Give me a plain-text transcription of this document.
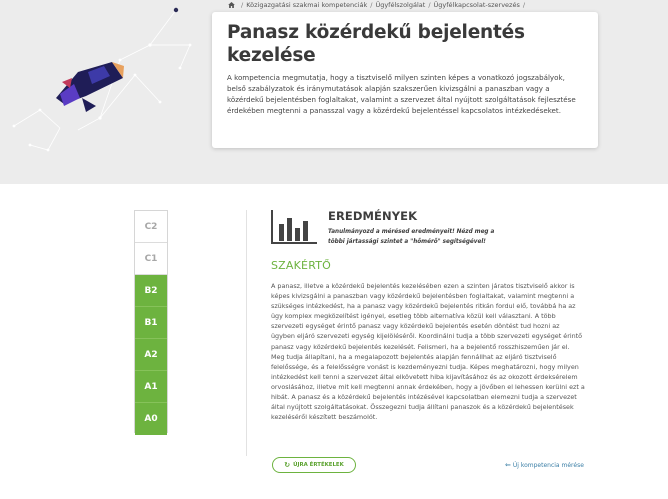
/ Közigazgatási szakmai kompetenciák / Ügyfélszolgálat / Ügyfélkapcsolat-szervezés /
Panasz közérdekű bejelentés kezelése

A kompetencia megmutatja, hogy a tisztviselő milyen szinten képes a vonatkozó jogszabályok, belső szabályzatok és iránymutatások alapján szakszerűen kivizsgálni a panaszban vagy a közérdekű bejelentésben foglaltakat, valamint a szervezet által nyújtott szolgáltatások fejlesztése érdekében megtenni a panasszal vagy a közérdekű bejelentéssel kapcsolatos intézkedéseket.

C2
C1
B2
B1
A2
A1
A0
EREDMÉNYEK
Tanulmányozd a mérésed eredményeit! Nézd meg a többi jártassági szintet a "hőmérő" segítségével!
SZAKÉRTŐ

A panasz, illetve a közérdekű bejelentés kezelésében ezen a szinten járatos tisztviselő akkor is képes kivizsgálni a panaszban vagy közérdekű bejelentésben foglaltakat, valamint megtenni a szükséges intézkedést, ha a panasz vagy közérdekű bejelentés ritkán fordul elő, továbbá ha az ügy komplex megközelítést igényel, esetleg több alternatíva közül kell választani. A több szervezeti egységet érintő panasz vagy közérdekű bejelentés esetén döntést tud hozni az ügyben eljáró szervezeti egység kijelöléséről. Koordinálni tudja a több szervezeti egységet érintő panasz vagy közérdekű bejelentés kezelését. Felismeri, ha a bejelentő rosszhiszeműen jár el. Meg tudja állapítani, ha a megalapozott bejelentés alapján fennállhat az eljáró tisztviselő felelőssége, és a felelősségre vonást is kezdeményezni tudja. Képes meghatározni, hogy milyen intézkedést kell tenni a szervezet által elkövetett hiba kijavításához és az okozott érdeksérelem orvoslásához, illetve mit kell megtenni annak érdekében, hogy a jövőben el lehessen kerülni ezt a hibát. A panasz és a közérdekű bejelentés intézésével kapcsolatban elemezni tudja a szervezet által nyújtott szolgáltatásokat. Összegezni tudja állítani panaszok és a közérdekű bejelentések kezeléséről készített beszámolót.

↻ ÚJRA ÉRTÉKELEK	⇐ Új kompetencia mérése
